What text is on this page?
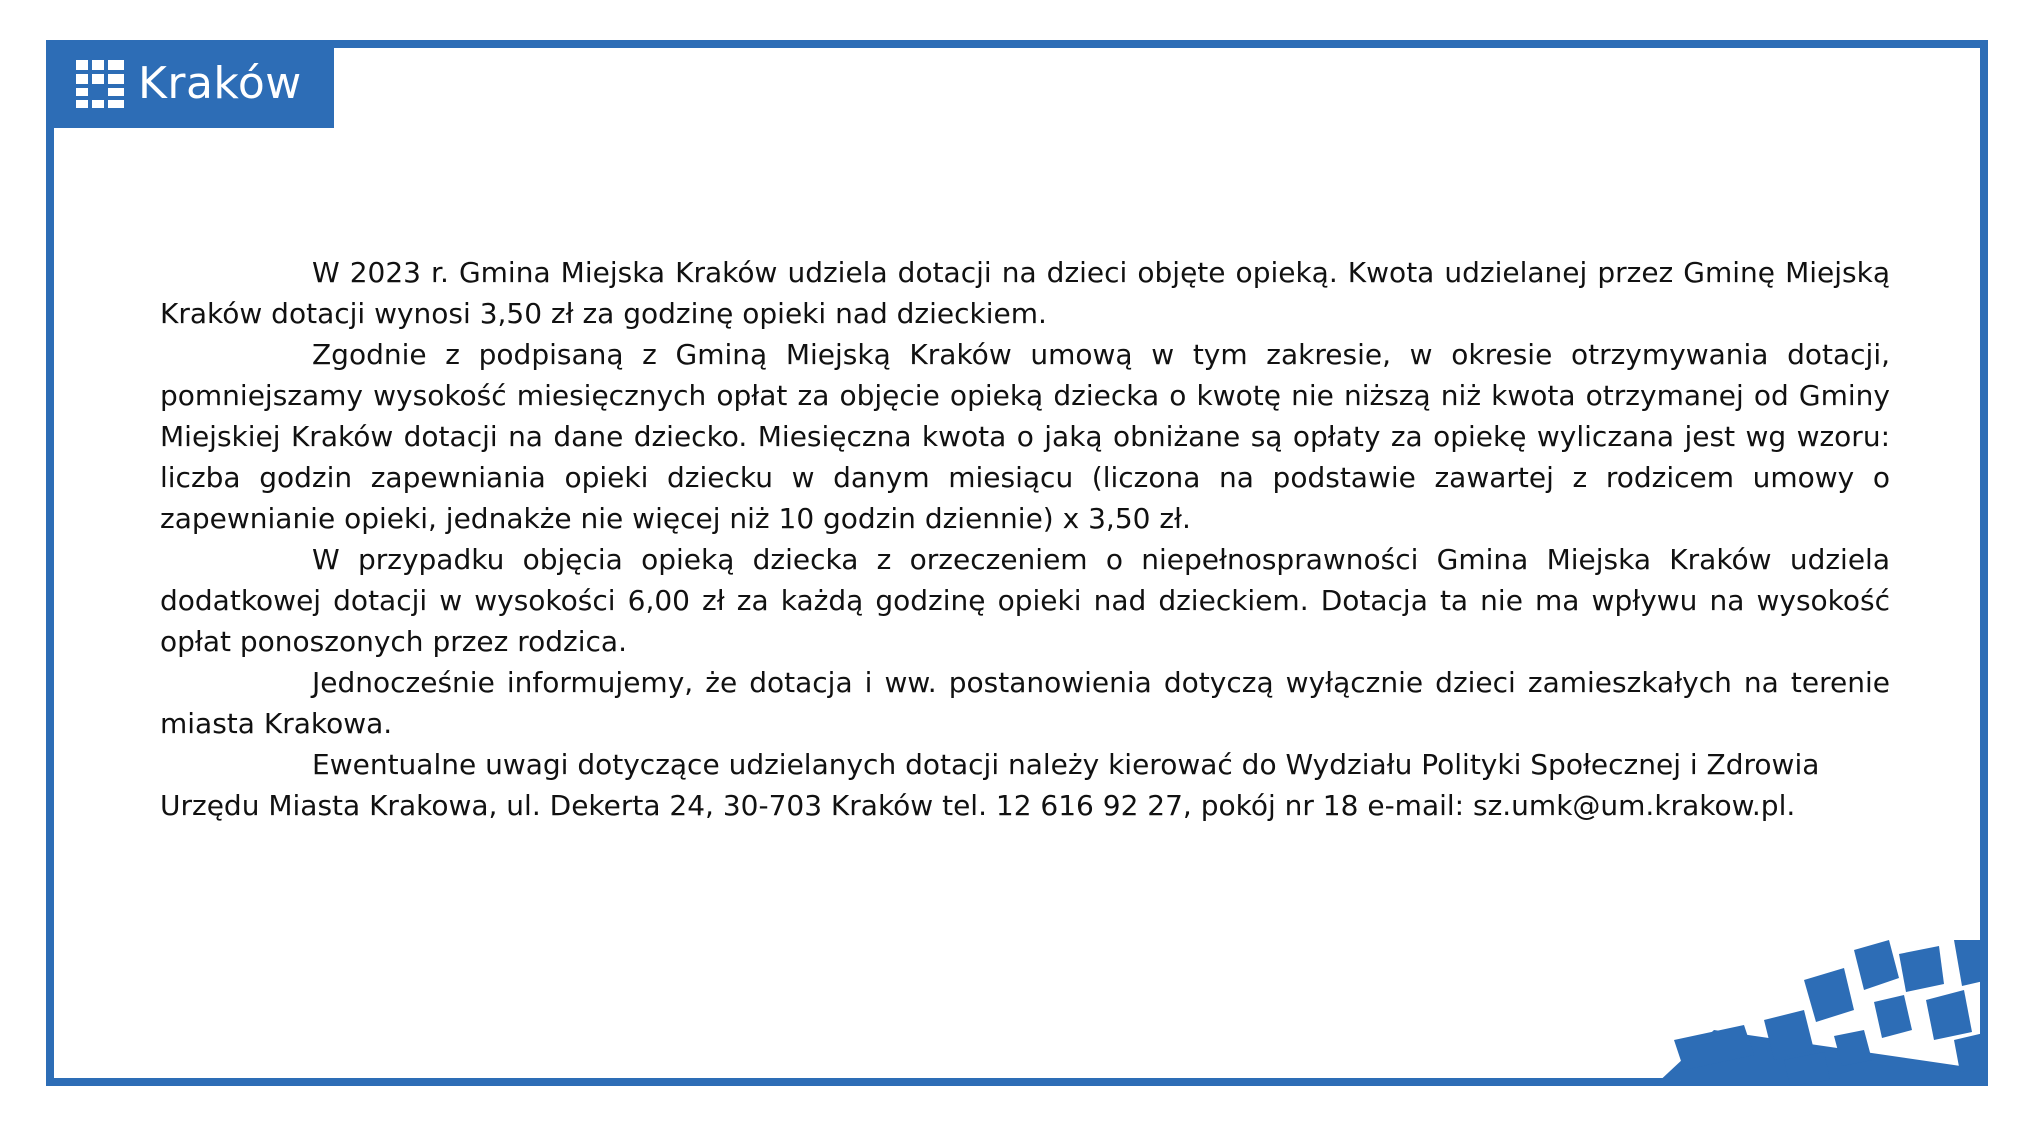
Kraków

W 2023 r. Gmina Miejska Kraków udziela dotacji na dzieci objęte opieką. Kwota udzielanej przez Gminę Miejską Kraków dotacji wynosi 3,50 zł za godzinę opieki nad dzieckiem.

Zgodnie z podpisaną z Gminą Miejską Kraków umową w tym zakresie, w okresie otrzymywania dotacji, pomniejszamy wysokość miesięcznych opłat za objęcie opieką dziecka o kwotę nie niższą niż kwota otrzymanej od Gminy Miejskiej Kraków dotacji na dane dziecko. Miesięczna kwota o jaką obniżane są opłaty za opiekę wyliczana jest wg wzoru: liczba godzin zapewniania opieki dziecku w danym miesiącu (liczona na podstawie zawartej z rodzicem umowy o zapewnianie opieki, jednakże nie więcej niż 10 godzin dziennie) x 3,50 zł.

W przypadku objęcia opieką dziecka z orzeczeniem o niepełnosprawności Gmina Miejska Kraków udziela dodatkowej dotacji w wysokości 6,00 zł za każdą godzinę opieki nad dzieckiem. Dotacja ta nie ma wpływu na wysokość opłat ponoszonych przez rodzica.

Jednocześnie informujemy, że dotacja i ww. postanowienia dotyczą wyłącznie dzieci zamieszkałych na terenie miasta Krakowa.

Ewentualne uwagi dotyczące udzielanych dotacji należy kierować do Wydziału Polityki Społecznej i Zdrowia Urzędu Miasta Krakowa, ul. Dekerta 24, 30-703 Kraków tel. 12 616 92 27, pokój nr 18 e-mail: sz.umk@um.krakow.pl.
